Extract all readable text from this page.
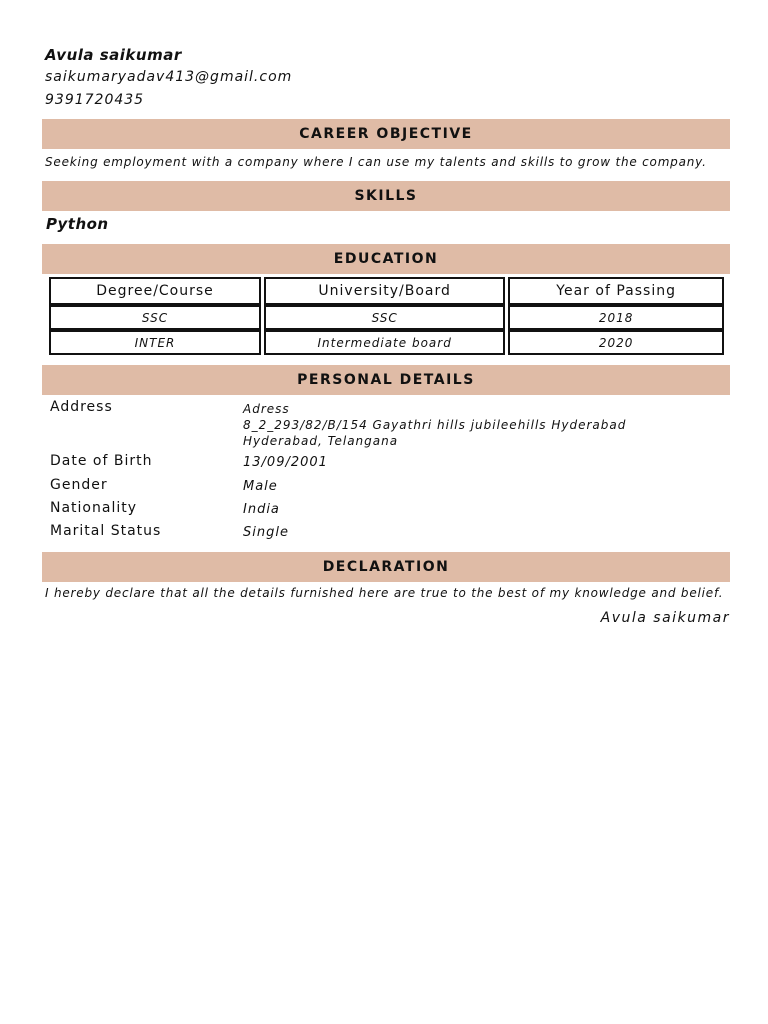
Avula saikumar
saikumaryadav413@gmail.com
9391720435
CAREER OBJECTIVE
Seeking employment with a company where I can use my talents and skills to grow the company.
SKILLS
Python
EDUCATION
Degree/Course	University/Board	Year of Passing
SSC	SSC	2018
INTER	Intermediate board	2020
PERSONAL DETAILS
Address	Adress
8_2_293/82/B/154 Gayathri hills jubileehills Hyderabad
Hyderabad, Telangana
Date of Birth	13/09/2001
Gender	Male
Nationality	India
Marital Status	Single
DECLARATION
I hereby declare that all the details furnished here are true to the best of my knowledge and belief.
Avula saikumar
